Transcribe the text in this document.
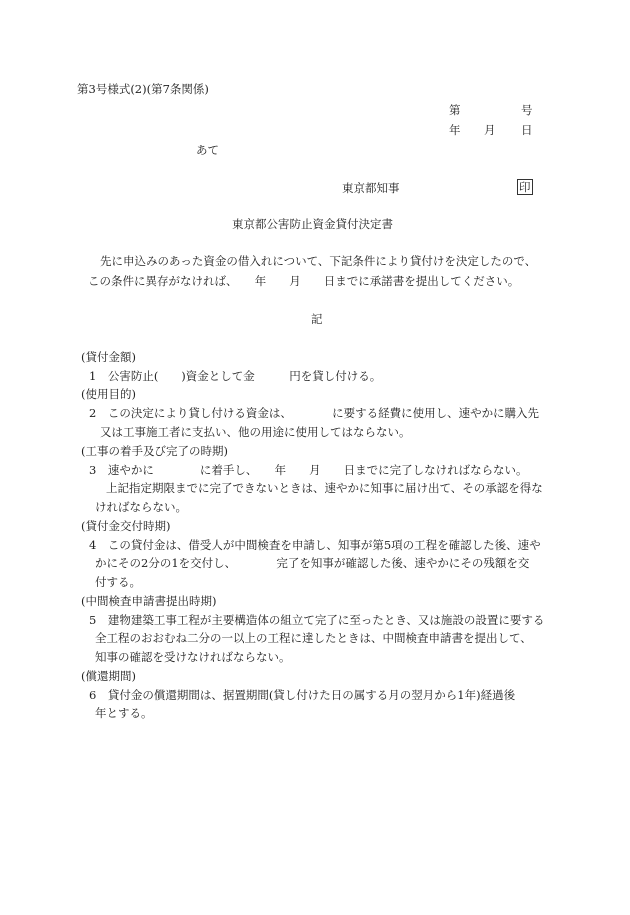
第3号様式(2)(第7条関係)
第	号
年 月 日
あて
東京都知事	印
東京都公害防止資金貸付決定書
先に申込みのあった資金の借入れについて、下記条件により貸付けを決定したので、
この条件に異存がなければ、　　年　　月　　日までに承諾書を提出してください。
記
(貸付金額)
1　公害防止(　　)資金として金　　　円を貸し付ける。
(使用目的)
2　この決定により貸し付ける資金は、　　　　に要する経費に使用し、速やかに購入先
又は工事施工者に支払い、他の用途に使用してはならない。
(工事の着手及び完了の時期)
3　速やかに　　　　に着手し、　　年　　月　　日までに完了しなければならない。
上記指定期限までに完了できないときは、速やかに知事に届け出て、その承認を得な
ければならない。
(貸付金交付時期)
4　この貸付金は、借受人が中間検査を申請し、知事が第5項の工程を確認した後、速や
かにその2分の1を交付し、　　　　完了を知事が確認した後、速やかにその残額を交
付する。
(中間検査申請書提出時期)
5　建物建築工事工程が主要構造体の組立て完了に至ったとき、又は施設の設置に要する
全工程のおおむね二分の一以上の工程に達したときは、中間検査申請書を提出して、
知事の確認を受けなければならない。
(償還期間)
6　貸付金の償還期間は、据置期間(貸し付けた日の属する月の翌月から1年)経過後
年とする。
